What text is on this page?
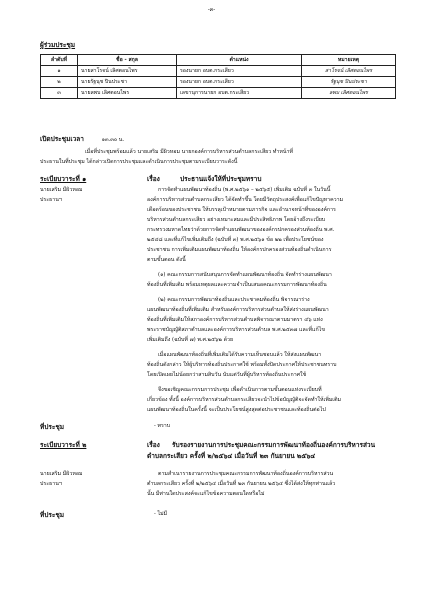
-๓-
ผู้ร่วมประชุม
ลำดับที่	ชื่อ - สกุล	ตำแหน่ง	หมายเหตุ
๑	นายสาโรจน์ เลิศตอนไพร	รองนายก อบต.กระเสียว	สาโรจน์ เลิศตอนไพร
๒	นายรัฐนุช ปินประชา	รองนายก อบต.กระเสียว	รัฐนุช ปินประชา
๓	นายลพบ เลิศตอนไพร	เลขานุการนายก อบต.กระเสียว	ลพบ เลิศตอนไพร
เปิดประชุมเวลา	๑๓.๓๐ น.
เมื่อที่ประชุมพร้อมแล้ว นายเสริม มีผิวหอม นายกองค์การบริหารส่วนตำบลกระเสียว ทำหน้าที่
ประธานในที่ประชุม ได้กล่าวเปิดการประชุมและดำเนินการประชุมตามระเบียบวาระดังนี้
ระเบียบวาระที่ ๑	เรื่อง	ประธานแจ้งให้ที่ประชุมทราบ
นายเสริม มีผิวหอม
ประธานฯ
การจัดทำแผนพัฒนาท้องถิ่น (พ.ศ.๒๕๖๑ – ๒๕๖๕) เพิ่มเติม ฉบับที่ ๓ ในวันนี้
องค์การบริหารส่วนตำบลกระเสียว ได้จัดทำขึ้น โดยมีวัตถุประสงค์เพื่อแก้ไขปัญหาความ
เดือดร้อนของประชาชน ให้บรรลุเป้าหมายตามภารกิจ และอำนาจหน้าที่ขององค์การ
บริหารส่วนตำบลกระเสียว อย่างเหมาะสมและมีประสิทธิภาพ โดยอ้างถึงระเบียบ
กระทรวงมหาดไทยว่าด้วยการจัดทำแผนพัฒนาขององค์กรปกครองส่วนท้องถิ่น พ.ศ.
๒๕๔๘ และที่แก้ไขเพิ่มเติมถึง (ฉบับที่ ๓) พ.ศ.๒๕๖๑ ข้อ ๒๒ เพื่อประโยชน์ของ
ประชาชน การเพิ่มเติมแผนพัฒนาท้องถิ่น ให้องค์กรปกครองส่วนท้องถิ่นดำเนินการ
ตามขั้นตอน ดังนี้
(๑) คณะกรรมการสนับสนุนการจัดทำแผนพัฒนาท้องถิ่น จัดทำร่างแผนพัฒนา
ท้องถิ่นที่เพิ่มเติม พร้อมเหตุผลและความจำเป็นเสนอคณะกรรมการพัฒนาท้องถิ่น
(๒) คณะกรรมการพัฒนาท้องถิ่นและประชาคมท้องถิ่น พิจารณาร่าง
แผนพัฒนาท้องถิ่นที่เพิ่มเติม สำหรับองค์การบริหารส่วนตำบลให้ส่งร่างแผนพัฒนา
ท้องถิ่นที่เพิ่มเติมให้สภาองค์การบริหารส่วนตำบลพิจารณาตามมาตรา ๔๖ แห่ง
พระราชบัญญัติสภาตำบลและองค์การบริหารส่วนตำบล พ.ศ.๒๕๓๗ และที่แก้ไข
เพิ่มเติมถึง (ฉบับที่ ๗) พ.ศ.๒๕๖๒ ด้วย
เมื่อแผนพัฒนาท้องถิ่นที่เพิ่มเติมได้รับความเห็นชอบแล้ว ให้ส่งแผนพัฒนา
ท้องถิ่นดังกล่าว ให้ผู้บริหารท้องถิ่นประกาศใช้ พร้อมทั้งปิดประกาศให้ประชาชนทราบ
โดยเปิดเผยไม่น้อยกว่าสามสิบวัน นับแต่วันที่ผู้บริหารท้องถิ่นประกาศใช้
จึงขอเชิญคณะกรรมการประชุม เพื่อดำเนินการตามขั้นตอนแห่งระเบียบที่
เกี่ยวข้อง ทั้งนี้ องค์การบริหารส่วนตำบลกระเสียวจะนำไปข้อบัญญัติจะจัดทำให้เพิ่มเติม
แผนพัฒนาท้องถิ่นในครั้งนี้ จะเป็นประโยชน์สูงสุดต่อประชาชนและท้องถิ่นต่อไป
ที่ประชุม	- ทราบ
ระเบียบวาระที่ ๒	เรื่อง รับรองรายงานการประชุมคณะกรรมการพัฒนาท้องถิ่นองค์การบริหารส่วน
ตำบลกระเสียว ครั้งที่ ๒/๒๕๖๔ เมื่อวันที่ ๒๓ กันยายน ๒๕๖๔
นายเสริม มีผิวหอม
ประธานฯ
ตามสำเนารายงานการประชุมคณะกรรมการพัฒนาท้องถิ่นองค์การบริหารส่วน
ตำบลกระเสียว ครั้งที่ ๒/๒๕๖๔ เมื่อวันที่ ๒๓ กันยายน ๒๕๖๔ ซึ่งได้ส่งให้ทุกท่านแล้ว
นั้น มีท่านใดประสงค์จะแก้ไขข้อความตอนใดหรือไม่
ที่ประชุม	- ไม่มี
